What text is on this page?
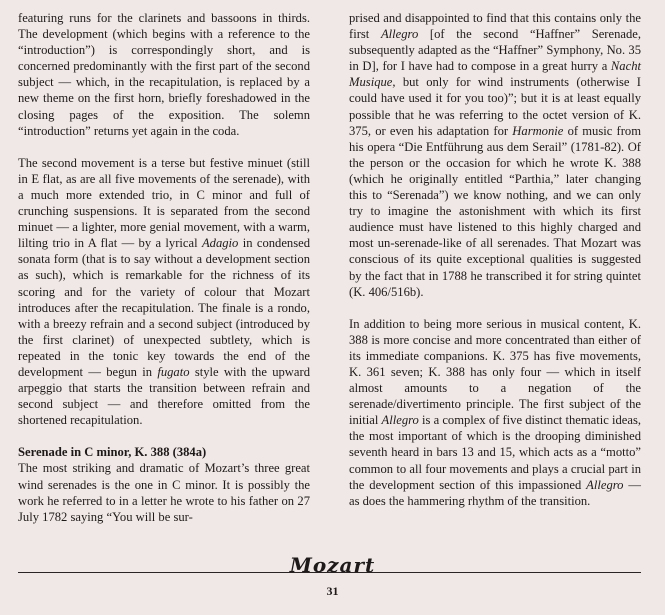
featuring runs for the clarinets and bassoons in thirds. The development (which begins with a reference to the “introduction”) is correspondingly short, and is concerned predominantly with the first part of the second subject — which, in the recapitulation, is replaced by a new theme on the first horn, briefly foreshadowed in the closing pages of the exposition. The solemn “introduction” returns yet again in the coda.

The second movement is a terse but festive minuet (still in E flat, as are all five movements of the serenade), with a much more extended trio, in C minor and full of crunching suspensions. It is separated from the second minuet — a lighter, more genial movement, with a warm, lilting trio in A flat — by a lyrical Adagio in condensed sonata form (that is to say without a development section as such), which is remarkable for the richness of its scoring and for the variety of colour that Mozart introduces after the recapitulation. The finale is a rondo, with a breezy refrain and a second subject (introduced by the first clarinet) of unexpected subtlety, which is repeated in the tonic key towards the end of the development — begun in fugato style with the upward arpeggio that starts the transition between refrain and second subject — and therefore omitted from the shortened recapitulation.

Serenade in C minor, K. 388 (384a)

The most striking and dramatic of Mozart’s three great wind serenades is the one in C minor. It is possibly the work he referred to in a letter he wrote to his father on 27 July 1782 saying “You will be sur-

prised and disappointed to find that this contains only the first Allegro [of the second “Haffner” Serenade, subsequently adapted as the “Haffner” Symphony, No. 35 in D], for I have had to compose in a great hurry a Nacht Musique, but only for wind instruments (otherwise I could have used it for you too)”; but it is at least equally possible that he was referring to the octet version of K. 375, or even his adaptation for Harmonie of music from his opera “Die Entführung aus dem Serail” (1781-82). Of the person or the occasion for which he wrote K. 388 (which he originally entitled “Parthia,” later changing this to “Serenada”) we know nothing, and we can only try to imagine the astonishment with which its first audience must have listened to this highly charged and most un-serenade-like of all serenades. That Mozart was conscious of its quite exceptional qualities is suggested by the fact that in 1788 he transcribed it for string quintet (K. 406/516b).

In addition to being more serious in musical content, K. 388 is more concise and more concentrated than either of its immediate companions. K. 375 has five movements, K. 361 seven; K. 388 has only four — which in itself almost amounts to a negation of the serenade/divertimento principle. The first subject of the initial Allegro is a complex of five distinct thematic ideas, the most important of which is the drooping diminished seventh heard in bars 13 and 15, which acts as a “motto” common to all four movements and plays a crucial part in the development section of this impassioned Allegro — as does the hammering rhythm of the transition.

Mozart
31
